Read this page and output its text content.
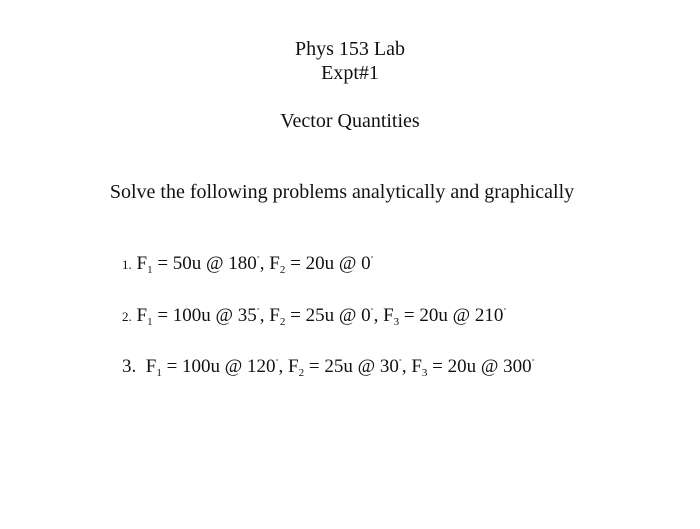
Phys 153 Lab
Expt#1
Vector Quantities
Solve the following problems analytically and graphically
1. $F_1 = 50u$ @ 180˚, $F_2 = 20u$ @ 0˚
2. $F_1 = 100u$ @ 35˚, $F_2 = 25u$ @ 0˚, $F_3 = 20u$ @ 210˚
3. $F_1 = 100u$ @ 120˚, $F_2 = 25u$ @ 30˚, $F_3 = 20u$ @ 300˚
